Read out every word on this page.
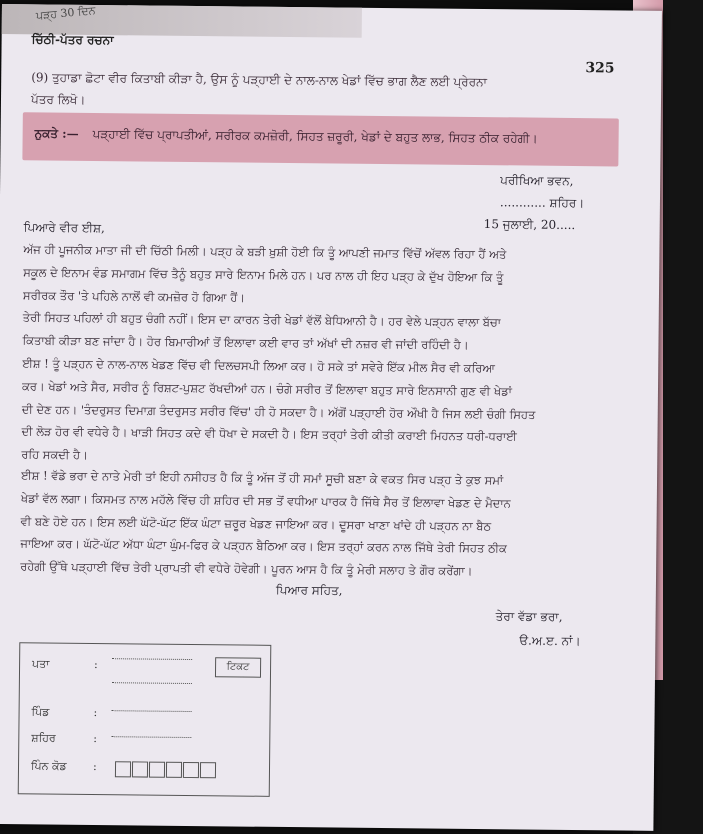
ਪੜ੍ਹ 30 ਦਿਨ
ਚਿੱਠੀ-ਪੱਤਰ ਰਚਨਾ
325
(9) ਤੁਹਾਡਾ ਛੋਟਾ ਵੀਰ ਕਿਤਾਬੀ ਕੀੜਾ ਹੈ, ਉਸ ਨੂੰ ਪੜ੍ਹਾਈ ਦੇ ਨਾਲ-ਨਾਲ ਖੇਡਾਂ ਵਿੱਚ ਭਾਗ ਲੈਣ ਲਈ ਪ੍ਰੇਰਨਾ
ਪੱਤਰ ਲਿਖੋ।
ਨੁਕਤੇ :— ਪੜ੍ਹਾਈ ਵਿੱਚ ਪ੍ਰਾਪਤੀਆਂ, ਸਰੀਰਕ ਕਮਜ਼ੋਰੀ, ਸਿਹਤ ਜ਼ਰੂਰੀ, ਖੇਡਾਂ ਦੇ ਬਹੁਤ ਲਾਭ, ਸਿਹਤ ਠੀਕ ਰਹੇਗੀ।
ਪਰੀਖਿਆ ਭਵਨ,
............ ਸ਼ਹਿਰ।
15 ਜੁਲਾਈ, 20.....
ਪਿਆਰੇ ਵੀਰ ਈਸ਼,
ਅੱਜ ਹੀ ਪੂਜਨੀਕ ਮਾਤਾ ਜੀ ਦੀ ਚਿੱਠੀ ਮਿਲੀ। ਪੜ੍ਹ ਕੇ ਬੜੀ ਖ਼ੁਸ਼ੀ ਹੋਈ ਕਿ ਤੂੰ ਆਪਣੀ ਜਮਾਤ ਵਿੱਚੋਂ ਅੱਵਲ ਰਿਹਾ ਹੈਂ ਅਤੇ
ਸਕੂਲ ਦੇ ਇਨਾਮ ਵੰਡ ਸਮਾਗਮ ਵਿੱਚ ਤੈਨੂੰ ਬਹੁਤ ਸਾਰੇ ਇਨਾਮ ਮਿਲੇ ਹਨ। ਪਰ ਨਾਲ ਹੀ ਇਹ ਪੜ੍ਹ ਕੇ ਦੁੱਖ ਹੋਇਆ ਕਿ ਤੂੰ
ਸਰੀਰਕ ਤੌਰ 'ਤੇ ਪਹਿਲੇ ਨਾਲੋਂ ਵੀ ਕਮਜ਼ੋਰ ਹੋ ਗਿਆ ਹੈਂ।
ਤੇਰੀ ਸਿਹਤ ਪਹਿਲਾਂ ਹੀ ਬਹੁਤ ਚੰਗੀ ਨਹੀਂ। ਇਸ ਦਾ ਕਾਰਨ ਤੇਰੀ ਖੇਡਾਂ ਵੱਲੋਂ ਬੇਧਿਆਨੀ ਹੈ। ਹਰ ਵੇਲੇ ਪੜ੍ਹਨ ਵਾਲਾ ਬੱਚਾ
ਕਿਤਾਬੀ ਕੀੜਾ ਬਣ ਜਾਂਦਾ ਹੈ। ਹੋਰ ਬਿਮਾਰੀਆਂ ਤੋਂ ਇਲਾਵਾ ਕਈ ਵਾਰ ਤਾਂ ਅੱਖਾਂ ਦੀ ਨਜ਼ਰ ਵੀ ਜਾਂਦੀ ਰਹਿੰਦੀ ਹੈ।
ਈਸ਼ ! ਤੂੰ ਪੜ੍ਹਨ ਦੇ ਨਾਲ-ਨਾਲ ਖੇਡਣ ਵਿੱਚ ਵੀ ਦਿਲਚਸਪੀ ਲਿਆ ਕਰ। ਹੋ ਸਕੇ ਤਾਂ ਸਵੇਰੇ ਇੱਕ ਮੀਲ ਸੈਰ ਵੀ ਕਰਿਆ
ਕਰ। ਖੇਡਾਂ ਅਤੇ ਸੈਰ, ਸਰੀਰ ਨੂੰ ਰਿਸ਼ਟ-ਪੁਸ਼ਟ ਰੱਖਦੀਆਂ ਹਨ। ਚੰਗੇ ਸਰੀਰ ਤੋਂ ਇਲਾਵਾ ਬਹੁਤ ਸਾਰੇ ਇਨਸਾਨੀ ਗੁਣ ਵੀ ਖੇਡਾਂ
ਦੀ ਦੇਣ ਹਨ। 'ਤੰਦਰੁਸਤ ਦਿਮਾਗ਼ ਤੰਦਰੁਸਤ ਸਰੀਰ ਵਿੱਚ' ਹੀ ਹੋ ਸਕਦਾ ਹੈ। ਅੱਗੋਂ ਪੜ੍ਹਾਈ ਹੋਰ ਔਖੀ ਹੈ ਜਿਸ ਲਈ ਚੰਗੀ ਸਿਹਤ
ਦੀ ਲੋੜ ਹੋਰ ਵੀ ਵਧੇਰੇ ਹੈ। ਖਾੜੀ ਸਿਹਤ ਕਦੇ ਵੀ ਧੋਖਾ ਦੇ ਸਕਦੀ ਹੈ। ਇਸ ਤਰ੍ਹਾਂ ਤੇਰੀ ਕੀਤੀ ਕਰਾਈ ਮਿਹਨਤ ਧਰੀ-ਧਰਾਈ
ਰਹਿ ਸਕਦੀ ਹੈ।
ਈਸ਼ ! ਵੱਡੇ ਭਰਾ ਦੇ ਨਾਤੇ ਮੇਰੀ ਤਾਂ ਇਹੀ ਨਸੀਹਤ ਹੈ ਕਿ ਤੂੰ ਅੱਜ ਤੋਂ ਹੀ ਸਮਾਂ ਸੂਚੀ ਬਣਾ ਕੇ ਵਕਤ ਸਿਰ ਪੜ੍ਹ ਤੇ ਕੁਝ ਸਮਾਂ
ਖੇਡਾਂ ਵੱਲ ਲਗਾ। ਕਿਸਮਤ ਨਾਲ ਮਹੱਲੇ ਵਿੱਚ ਹੀ ਸ਼ਹਿਰ ਦੀ ਸਭ ਤੋਂ ਵਧੀਆ ਪਾਰਕ ਹੈ ਜਿੱਥੇ ਸੈਰ ਤੋਂ ਇਲਾਵਾ ਖੇਡਣ ਦੇ ਮੈਦਾਨ
ਵੀ ਬਣੇ ਹੋਏ ਹਨ। ਇਸ ਲਈ ਘੱਟੋ-ਘੱਟ ਇੱਕ ਘੰਟਾ ਜ਼ਰੂਰ ਖੇਡਣ ਜਾਇਆ ਕਰ। ਦੂਸਰਾ ਖਾਣਾ ਖਾਂਦੇ ਹੀ ਪੜ੍ਹਨ ਨਾ ਬੈਠ
ਜਾਇਆ ਕਰ। ਘੱਟੋ-ਘੱਟ ਅੱਧਾ ਘੰਟਾ ਘੁੰਮ-ਫਿਰ ਕੇ ਪੜ੍ਹਨ ਬੈਠਿਆ ਕਰ। ਇਸ ਤਰ੍ਹਾਂ ਕਰਨ ਨਾਲ ਜਿੱਥੇ ਤੇਰੀ ਸਿਹਤ ਠੀਕ
ਰਹੇਗੀ ਉੱਥੇ ਪੜ੍ਹਾਈ ਵਿੱਚ ਤੇਰੀ ਪ੍ਰਾਪਤੀ ਵੀ ਵਧੇਰੇ ਹੋਵੇਗੀ। ਪੂਰਨ ਆਸ ਹੈ ਕਿ ਤੂੰ ਮੇਰੀ ਸਲਾਹ ਤੇ ਗੌਰ ਕਰੇਂਗਾ।
ਪਿਆਰ ਸਹਿਤ,
ਤੇਰਾ ਵੱਡਾ ਭਰਾ,
ੳ.ਅ.ੲ. ਨਾਂ।
ਪਤਾ	:	ਟਿਕਟ
ਪਿੰਡ	:
ਸ਼ਹਿਰ	:
ਪਿੰਨ ਕੋਡ :
